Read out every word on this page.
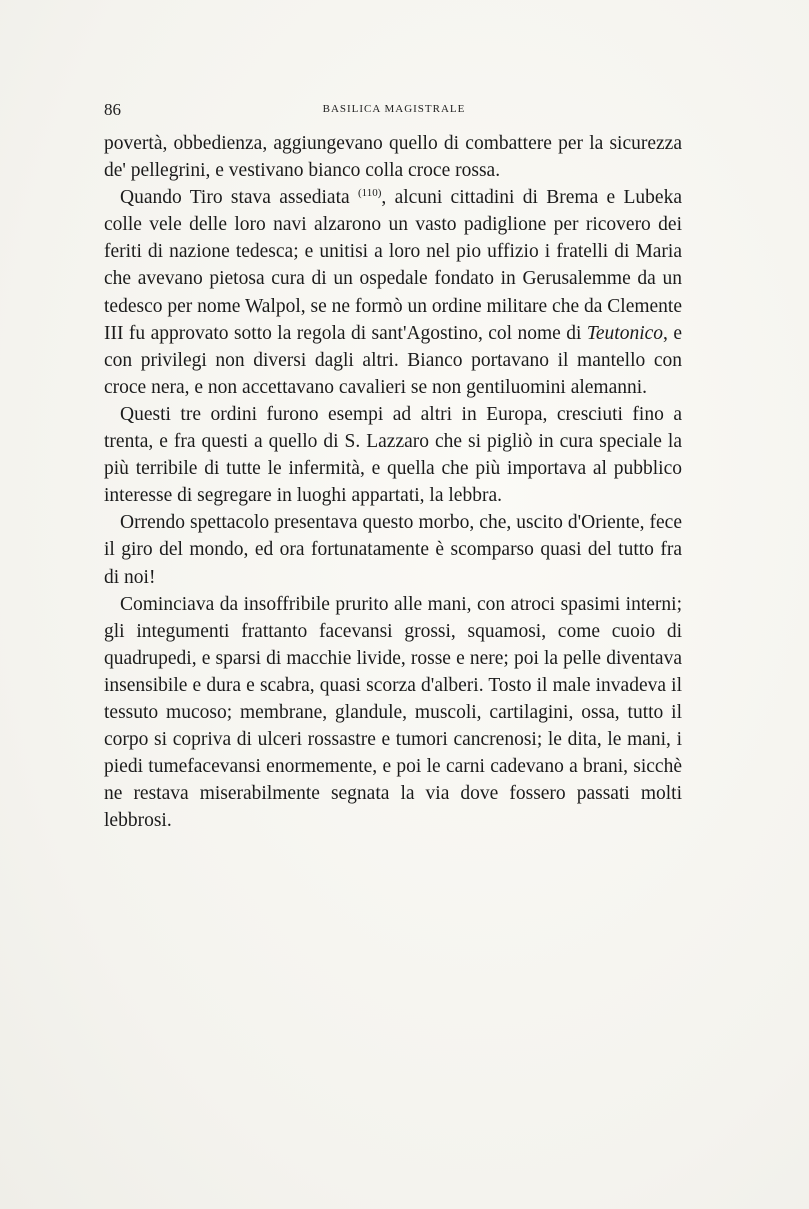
86	BASILICA MAGISTRALE

povertà, obbedienza, aggiungevano quello di combattere per la sicurezza de' pellegrini, e vestivano bianco colla croce rossa.

Quando Tiro stava assediata $^{(110)}$, alcuni cittadini di Brema e Lubeka colle vele delle loro navi alzarono un vasto padiglione per ricovero dei feriti di nazione tedesca; e unitisi a loro nel pio uffizio i fratelli di Maria che avevano pietosa cura di un ospedale fondato in Gerusalemme da un tedesco per nome Walpol, se ne formò un ordine militare che da Clemente III fu approvato sotto la regola di sant'Agostino, col nome di Teutonico, e con privilegi non diversi dagli altri. Bianco portavano il mantello con croce nera, e non accettavano cavalieri se non gentiluomini alemanni.

Questi tre ordini furono esempi ad altri in Europa, cresciuti fino a trenta, e fra questi a quello di S. Lazzaro che si pigliò in cura speciale la più terribile di tutte le infermità, e quella che più importava al pubblico interesse di segregare in luoghi appartati, la lebbra.

Orrendo spettacolo presentava questo morbo, che, uscito d'Oriente, fece il giro del mondo, ed ora fortunatamente è scomparso quasi del tutto fra di noi!

Cominciava da insoffribile prurito alle mani, con atroci spasimi interni; gli integumenti frattanto facevansi grossi, squamosi, come cuoio di quadrupedi, e sparsi di macchie livide, rosse e nere; poi la pelle diventava insensibile e dura e scabra, quasi scorza d'alberi. Tosto il male invadeva il tessuto mucoso; membrane, glandule, muscoli, cartilagini, ossa, tutto il corpo si copriva di ulceri rossastre e tumori cancrenosi; le dita, le mani, i piedi tumefacevansi enormemente, e poi le carni cadevano a brani, sicchè ne restava miserabilmente segnata la via dove fossero passati molti lebbrosi.
